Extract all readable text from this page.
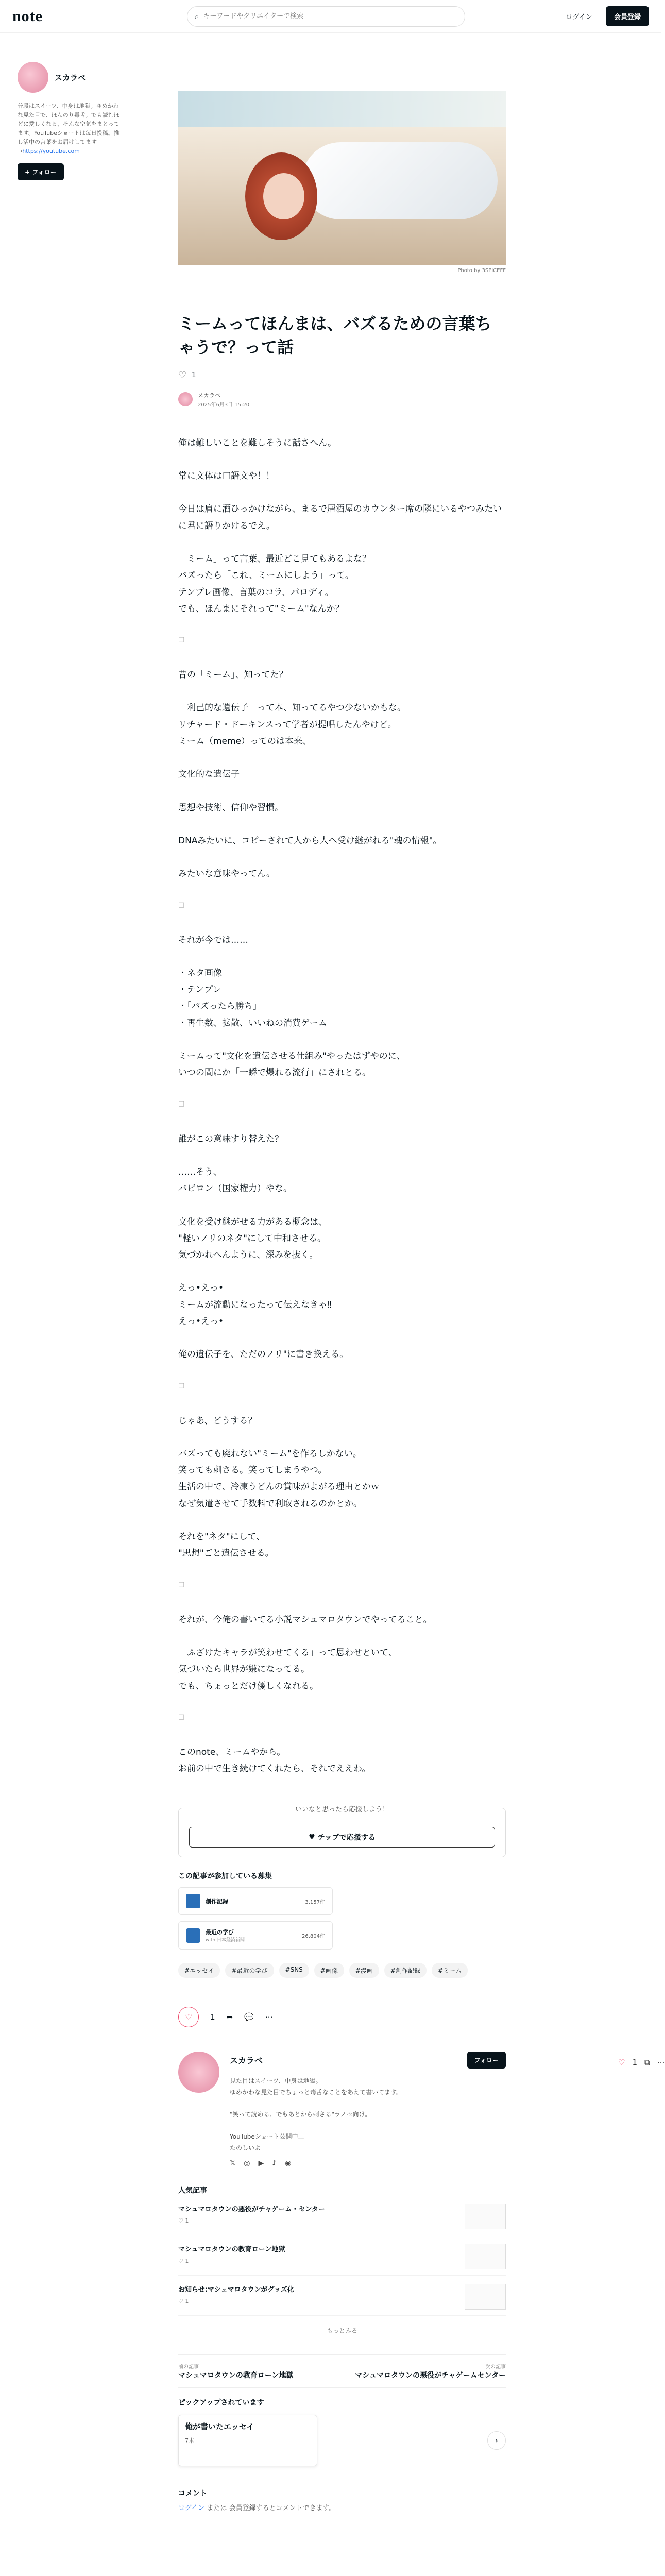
note	⌕
キーワードやクリエイターで検索	ログイン	会員登録
スカラベ
普段はスイーツ、中身は地獄。ゆめかわな見た目で、ほんのり毒舌。でも読むほどに愛しくなる、そんな空気をまとってます。YouTubeショートは毎日投稿。推し活中の言葉をお届けしてます→https://youtube.com
+ フォロー
Photo by 3SPICEFF
ミームってほんまは、バズるための言葉ちゃうで？って話
♡ 1
スカラベ
2025年6月3日 15:20

俺は難しいことを難しそうに話さへん。

常に文体は口語文や！！

今日は肩に酒ひっかけながら、まるで居酒屋のカウンター席の隣にいるやつみたいに君に語りかけるでえ。

「ミーム」って言葉、最近どこ見てもあるよな？
バズったら「これ、ミームにしよう」って。
テンプレ画像、言葉のコラ、パロディ。
でも、ほんまにそれって"ミーム"なんか？

□

昔の「ミーム」、知ってた？

「利己的な遺伝子」って本、知ってるやつ少ないかもな。
リチャード・ドーキンスって学者が提唱したんやけど。
ミーム（meme）ってのは本来、

文化的な遺伝子

思想や技術、信仰や習慣。

DNAみたいに、コピーされて人から人へ受け継がれる"魂の情報"。

みたいな意味やってん。

□

それが今では……

・ネタ画像
・テンプレ
・「バズったら勝ち」
・再生数、拡散、いいねの消費ゲーム

ミームって"文化を遺伝させる仕組み"やったはずやのに、
いつの間にか「一瞬で爆れる流行」にされとる。

□

誰がこの意味すり替えた？

……そう、
バビロン（国家権力）やな。

文化を受け継がせる力がある概念は、
"軽いノリのネタ"にして中和させる。
気づかれへんように、深みを抜く。

えっ•えっ•
ミームが流動になったって伝えなきゃ‼
えっ•えっ•

俺の遺伝子を、ただのノリ"に書き換える。

□

じゃあ、どうする？

バズっても廃れない"ミーム"を作るしかない。
笑っても刺さる。笑ってしまうやつ。
生活の中で、冷凍うどんの賞味がよがる理由とかｗ
なぜ気遣させて手数料で利取されるのかとか。

それを"ネタ"にして、
"思想"ごと遺伝させる。

□

それが、今俺の書いてる小説マシュマロタウンでやってること。

「ふざけたキャラが笑わせてくる」って思わせといて、
気づいたら世界が嫌になってる。
でも、ちょっとだけ優しくなれる。

□

このnote、ミームやから。
お前の中で生き続けてくれたら、それでええわ。

いいなと思ったら応援しよう！
♥
チップで応援する
この記事が参加している募集
創作記録	3,157件
最近の学び
with 日本経済新聞
26,804件
#エッセイ	#最近の学び	#SNS	#画像	#漫画	#創作記録	#ミーム
♡ 1 ➦ 💬 ⋯
スカラベ	フォロー
見た目はスイーツ、中身は地獄。
ゆめかわな見た目でちょっと毒舌なことをあえて書いてます。

"笑って読める、でもあとから刺さる"ラノセ向け。

YouTubeショート公開中…
たのしいよ
𝕏 ◎ ▶ ♪ ◉
人気記事
マシュマロタウンの悪役がチャゲーム・センター
♡ 1
マシュマロタウンの教育ローン地獄
♡ 1
お知らせ:マシュマロタウンがグッズ化
♡ 1
もっとみる
前の記事
マシュマロタウンの教育ローン地獄
次の記事
マシュマロタウンの悪役がチャゲームセンター
ピックアップされています
俺が書いたエッセイ
7本	›
コメント
ログイン または 会員登録するとコメントできます。
♡ 1 ⧉ ⋯
